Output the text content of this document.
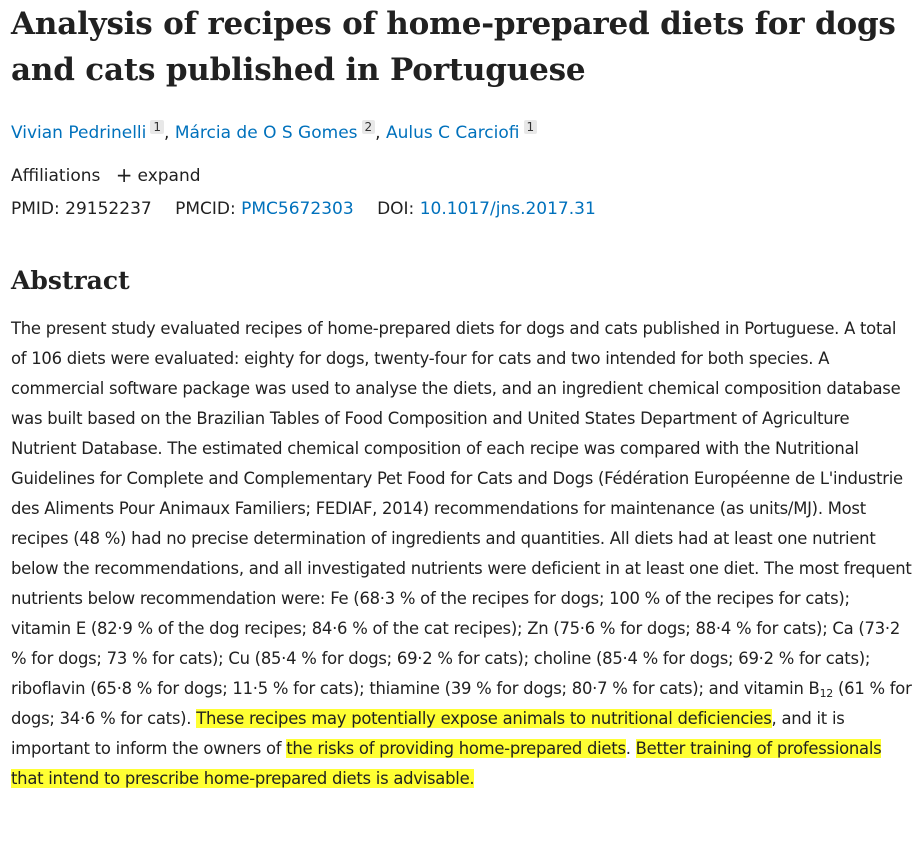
Analysis of recipes of home-prepared diets for dogs and cats published in Portuguese
Vivian Pedrinelli 1 , Márcia de O S Gomes 2 , Aulus C Carciofi 1
Affiliations + expand
PMID: 29152237 PMCID: PMC5672303 DOI: 10.1017/jns.2017.31
Abstract

The present study evaluated recipes of home-prepared diets for dogs and cats published in Portuguese. A total of 106 diets were evaluated: eighty for dogs, twenty-four for cats and two intended for both species. A commercial software package was used to analyse the diets, and an ingredient chemical composition database was built based on the Brazilian Tables of Food Composition and United States Department of Agriculture Nutrient Database. The estimated chemical composition of each recipe was compared with the Nutritional Guidelines for Complete and Complementary Pet Food for Cats and Dogs (Fédération Européenne de L'industrie des Aliments Pour Animaux Familiers; FEDIAF, 2014) recommendations for maintenance (as units/MJ). Most recipes (48 %) had no precise determination of ingredients and quantities. All diets had at least one nutrient below the recommendations, and all investigated nutrients were deficient in at least one diet. The most frequent nutrients below recommendation were: Fe (68·3 % of the recipes for dogs; 100 % of the recipes for cats); vitamin E (82·9 % of the dog recipes; 84·6 % of the cat recipes); Zn (75·6 % for dogs; 88·4 % for cats); Ca (73·2 % for dogs; 73 % for cats); Cu (85·4 % for dogs; 69·2 % for cats); choline (85·4 % for dogs; 69·2 % for cats); riboflavin (65·8 % for dogs; 11·5 % for cats); thiamine (39 % for dogs; 80·7 % for cats); and vitamin $B_{12}$ (61 % for dogs; 34·6 % for cats). These recipes may potentially expose animals to nutritional deficiencies, and it is important to inform the owners of the risks of providing home-prepared diets. Better training of professionals that intend to prescribe home-prepared diets is advisable.
